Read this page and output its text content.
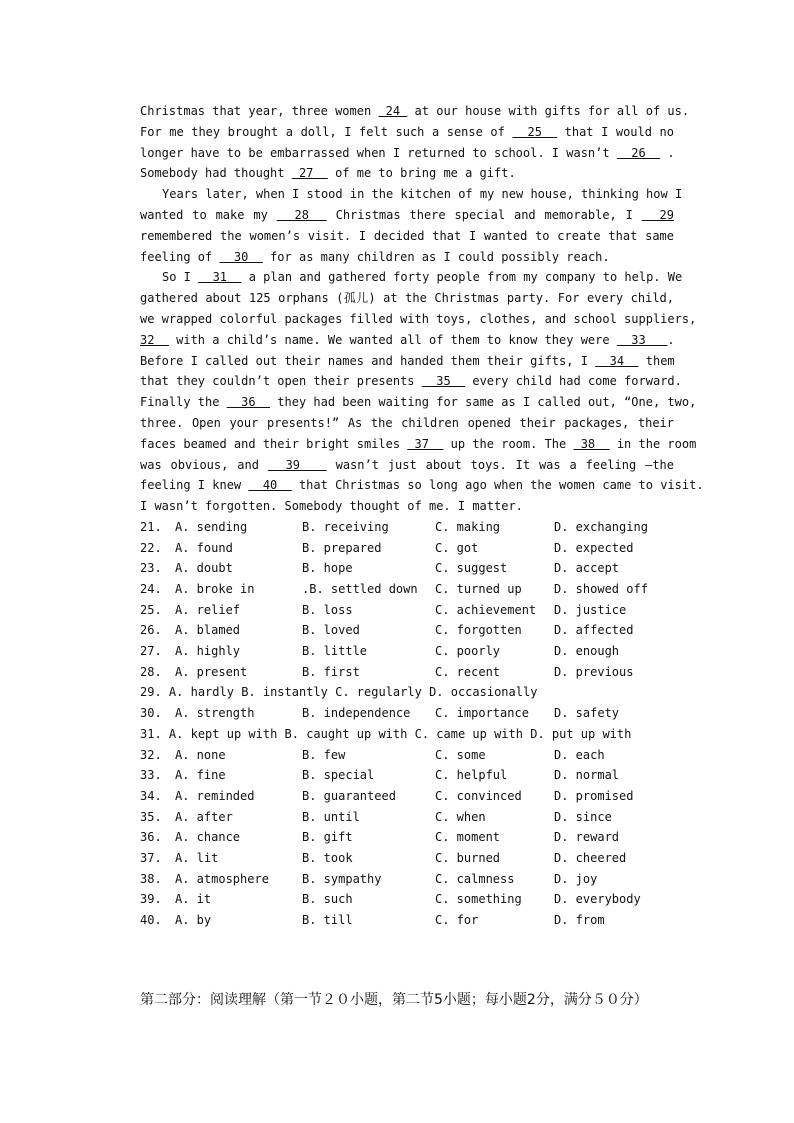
Christmas that year, three women  24  at our house with gifts for all of us.
For me they brought a doll, I felt such a sense of   25   that I would no
longer have to be embarrassed when I returned to school. I wasn’t   26   .
Somebody had thought  27   of me to bring me a gift.
Years later, when I stood in the kitchen of my new house, thinking how I
wanted to make my   28   Christmas there special and memorable, I   29
remembered the women’s visit. I decided that I wanted to create that same
feeling of   30   for as many children as I could possibly reach.
So I   31   a plan and gathered forty people from my company to help. We
gathered about 125 orphans (孤儿) at the Christmas party. For every child,
we wrapped colorful packages filled with toys, clothes, and school suppliers,
32   with a child’s name. We wanted all of them to know they were   33   .
Before I called out their names and handed them their gifts, I   34   them
that they couldn’t open their presents   35   every child had come forward.
Finally the   36   they had been waiting for same as I called out, “One, two,
three. Open your presents!” As the children opened their packages, their
faces beamed and their bright smiles  37   up the room. The  38   in the room
was obvious, and   39    wasn’t just about toys. It was a feeling —the
feeling I knew   40   that Christmas so long ago when the women came to visit.
I wasn’t forgotten. Somebody thought of me. I matter.
21. A. sending	B. receiving	C. making	D. exchanging
22. A. found	B. prepared	C. got	D. expected
23. A. doubt	B. hope	C. suggest	D. accept
24. A. broke in	.B. settled down C. turned up	D. showed off
25. A. relief	B. loss	C. achievement D. justice
26. A. blamed	B. loved	C. forgotten	D. affected
27. A. highly	B. little	C. poorly	D. enough
28. A. present	B. first	C. recent	D. previous
29. A. hardly B. instantly C. regularly D. occasionally
30. A. strength	B. independence C. importance D. safety
31. A. kept up with B. caught up with C. came up with D. put up with
32. A. none	B. few	C. some	D. each
33. A. fine	B. special	C. helpful	D. normal
34. A. reminded	B. guaranteed	C. convinced	D. promised
35. A. after	B. until	C. when	D. since
36. A. chance	B. gift	C. moment	D. reward
37. A. lit	B. took	C. burned	D. cheered
38. A. atmosphere	B. sympathy	C. calmness	D. joy
39. A. it	B. such	C. something	D. everybody
40. A. by	B. till	C. for	D. from
第二部分：阅读理解（第一节２０小题，第二节5小题；每小题2分，满分５０分）
